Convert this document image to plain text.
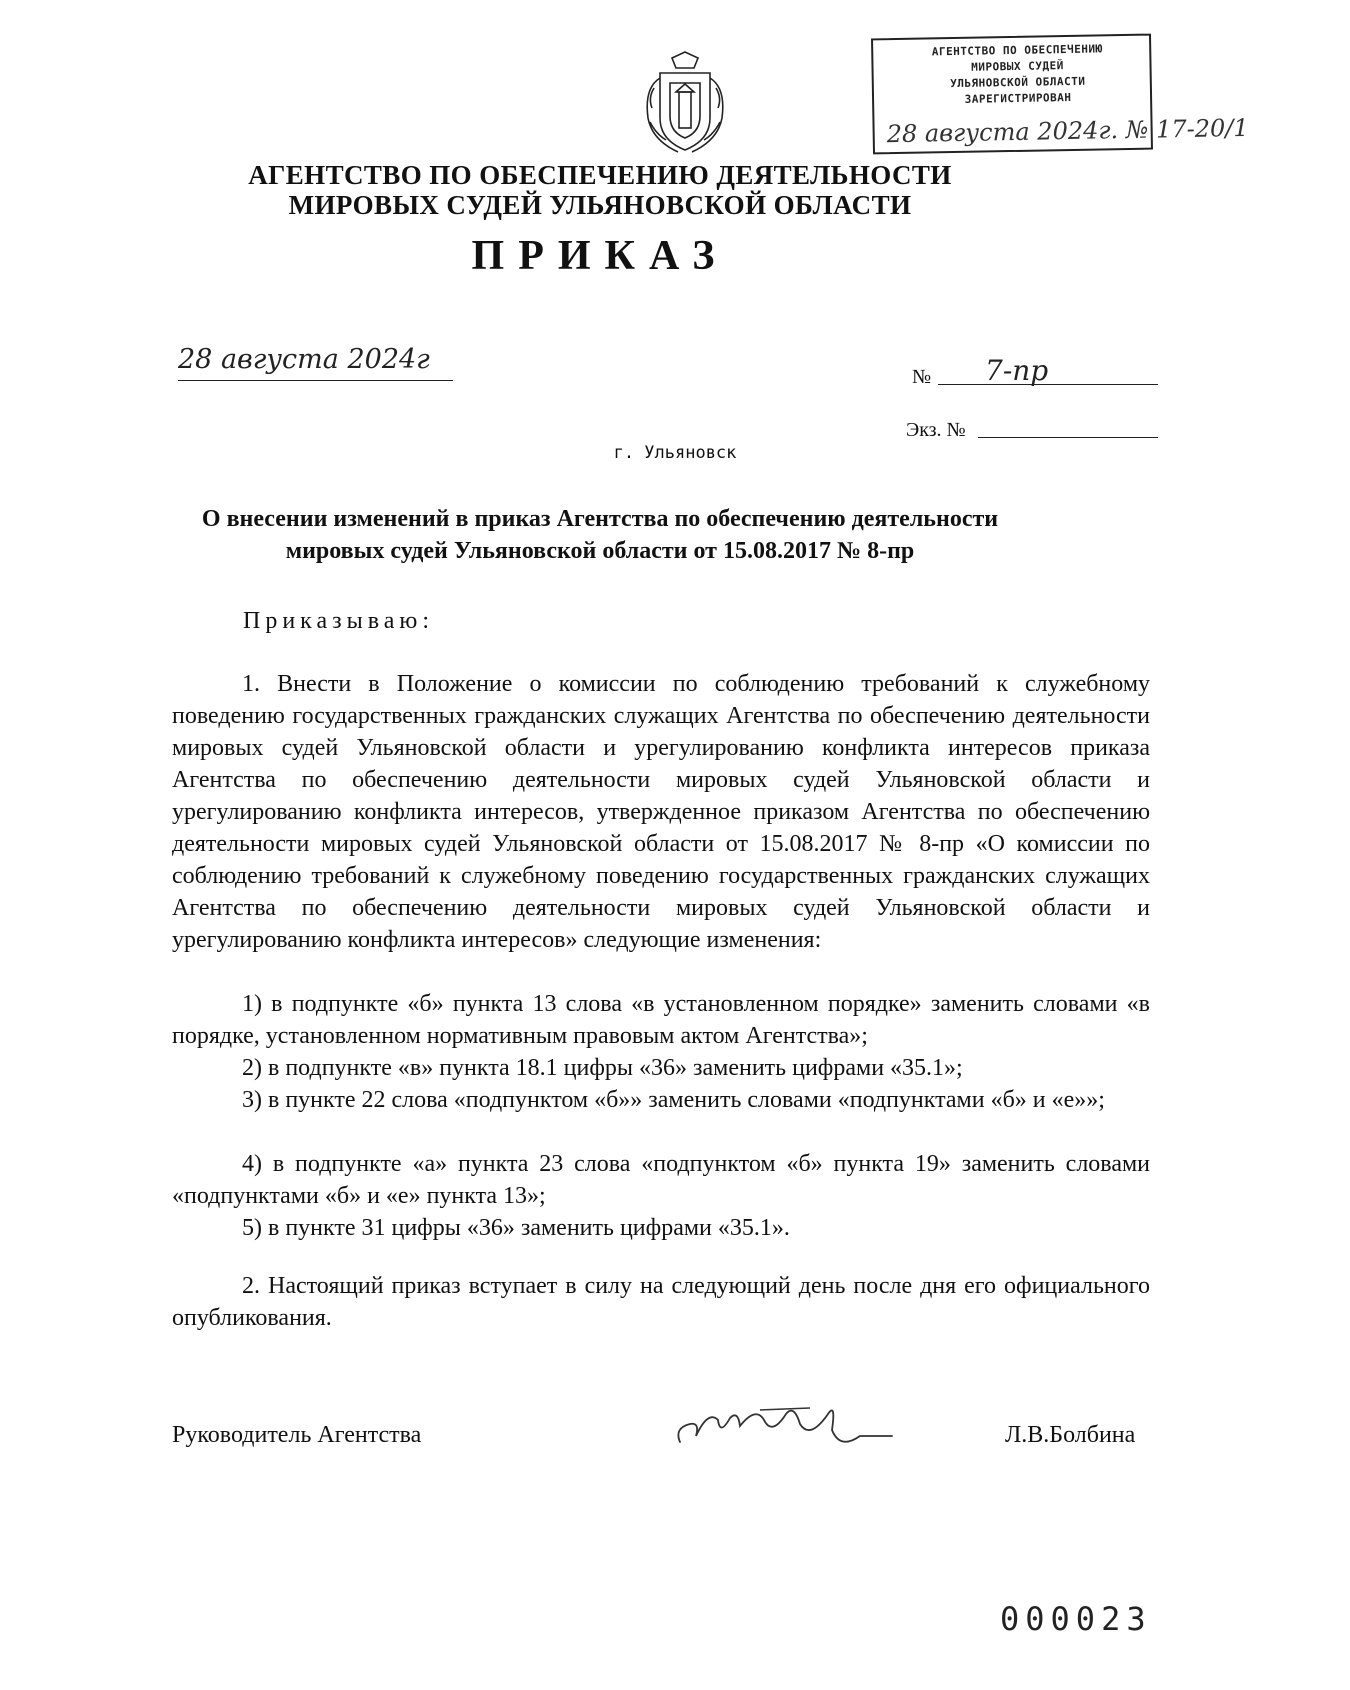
АГЕНТСТВО ПО ОБЕСПЕЧЕНИЮ
МИРОВЫХ СУДЕЙ
УЛЬЯНОВСКОЙ ОБЛАСТИ
ЗАРЕГИСТРИРОВАН
28 августа 2024г. № 17-20/1
АГЕНТСТВО ПО ОБЕСПЕЧЕНИЮ ДЕЯТЕЛЬНОСТИ
МИРОВЫХ СУДЕЙ УЛЬЯНОВСКОЙ ОБЛАСТИ
ПРИКАЗ
28 августа 2024г
№ 7-пр
Экз. №
г. Ульяновск
О внесении изменений в приказ Агентства по обеспечению деятельности
мировых судей Ульяновской области от 15.08.2017 № 8-пр
Приказываю:

1. Внести в Положение о комиссии по соблюдению требований к служебному поведению государственных гражданских служащих Агентства по обеспечению деятельности мировых судей Ульяновской области и урегулированию конфликта интересов приказа Агентства по обеспечению деятельности мировых судей Ульяновской области и урегулированию конфликта интересов, утвержденное приказом Агентства по обеспечению деятельности мировых судей Ульяновской области от 15.08.2017 № 8-пр «О комиссии по соблюдению требований к служебному поведению государственных гражданских служащих Агентства по обеспечению деятельности мировых судей Ульяновской области и урегулированию конфликта интересов» следующие изменения:

1) в подпункте «б» пункта 13 слова «в установленном порядке» заменить словами «в порядке, установленном нормативным правовым актом Агентства»;

2) в подпункте «в» пункта 18.1 цифры «36» заменить цифрами «35.1»;

3) в пункте 22 слова «подпунктом «б»» заменить словами «подпунктами «б» и «е»»;

4) в подпункте «а» пункта 23 слова «подпунктом «б» пункта 19» заменить словами «подпунктами «б» и «е» пункта 13»;

5) в пункте 31 цифры «36» заменить цифрами «35.1».

2. Настоящий приказ вступает в силу на следующий день после дня его официального опубликования.

Руководитель Агентства	Л.В.Болбина
000023
